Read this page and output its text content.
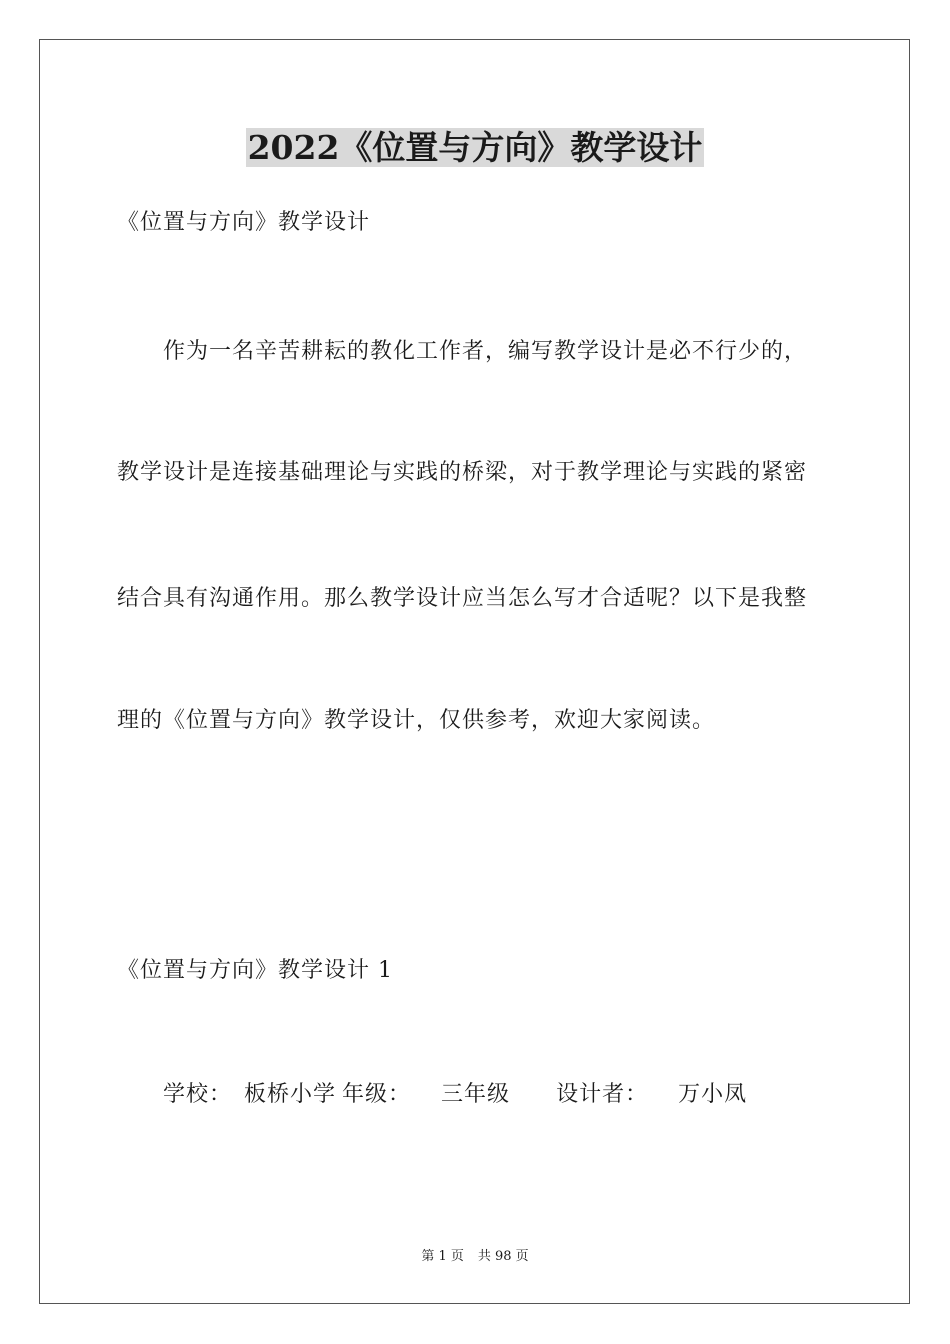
2022《位置与方向》教学设计
《位置与方向》教学设计
作为一名辛苦耕耘的教化工作者，编写教学设计是必不行少的，
教学设计是连接基础理论与实践的桥梁，对于教学理论与实践的紧密
结合具有沟通作用。那么教学设计应当怎么写才合适呢？以下是我整
理的《位置与方向》教学设计，仅供参考，欢迎大家阅读。
《位置与方向》教学设计 1
学校： 板桥小学 年级： 三年级 设计者： 万小凤
第 1 页 共 98 页
